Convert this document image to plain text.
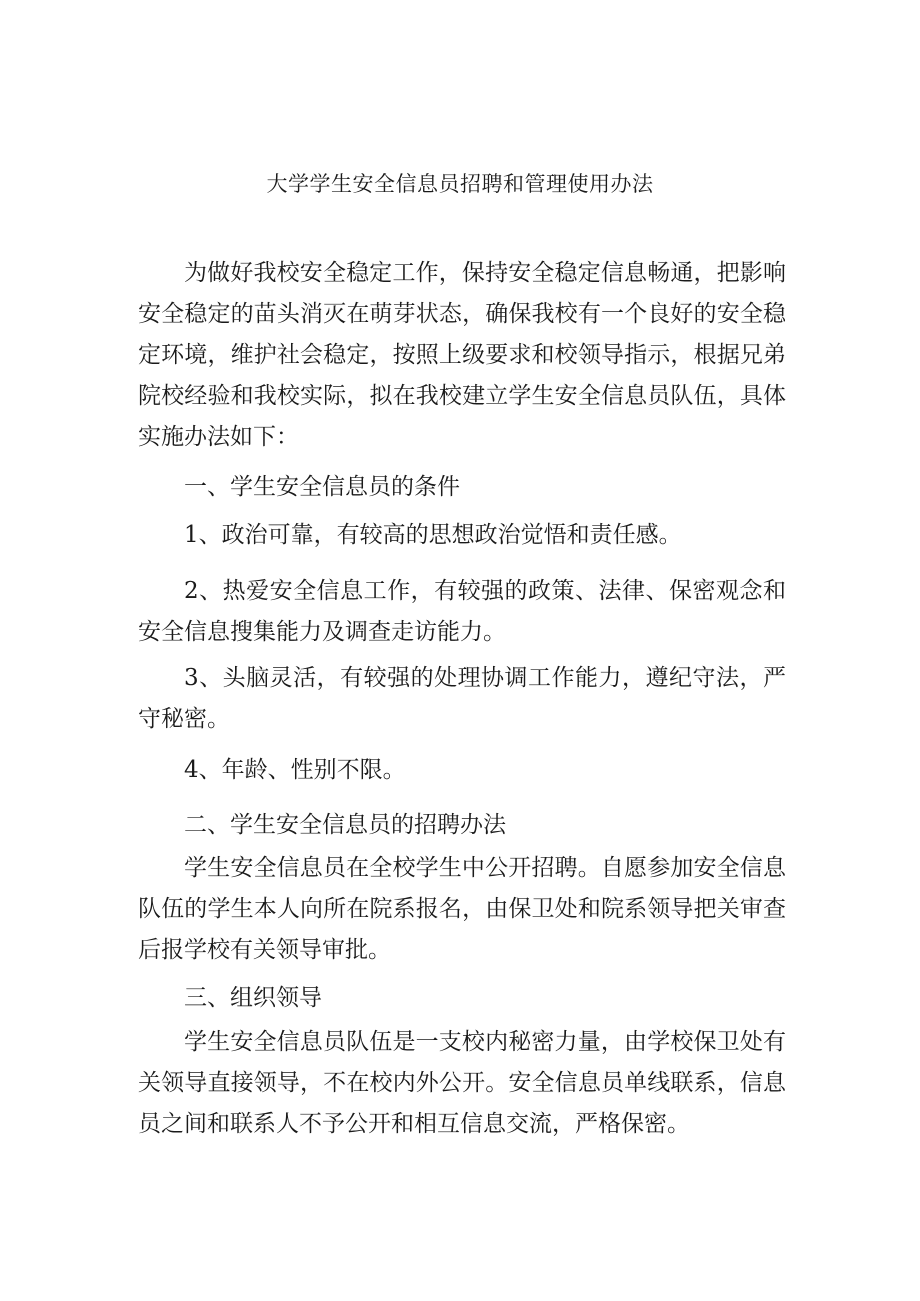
大学学生安全信息员招聘和管理使用办法

为做好我校安全稳定工作，保持安全稳定信息畅通，把影响安全稳定的苗头消灭在萌芽状态，确保我校有一个良好的安全稳定环境，维护社会稳定，按照上级要求和校领导指示，根据兄弟院校经验和我校实际，拟在我校建立学生安全信息员队伍，具体实施办法如下：

一、学生安全信息员的条件

1、政治可靠，有较高的思想政治觉悟和责任感。

2、热爱安全信息工作，有较强的政策、法律、保密观念和安全信息搜集能力及调查走访能力。

3、头脑灵活，有较强的处理协调工作能力，遵纪守法，严守秘密。

4、年龄、性别不限。

二、学生安全信息员的招聘办法

学生安全信息员在全校学生中公开招聘。自愿参加安全信息队伍的学生本人向所在院系报名，由保卫处和院系领导把关审查后报学校有关领导审批。

三、组织领导

学生安全信息员队伍是一支校内秘密力量，由学校保卫处有关领导直接领导，不在校内外公开。安全信息员单线联系，信息员之间和联系人不予公开和相互信息交流，严格保密。
